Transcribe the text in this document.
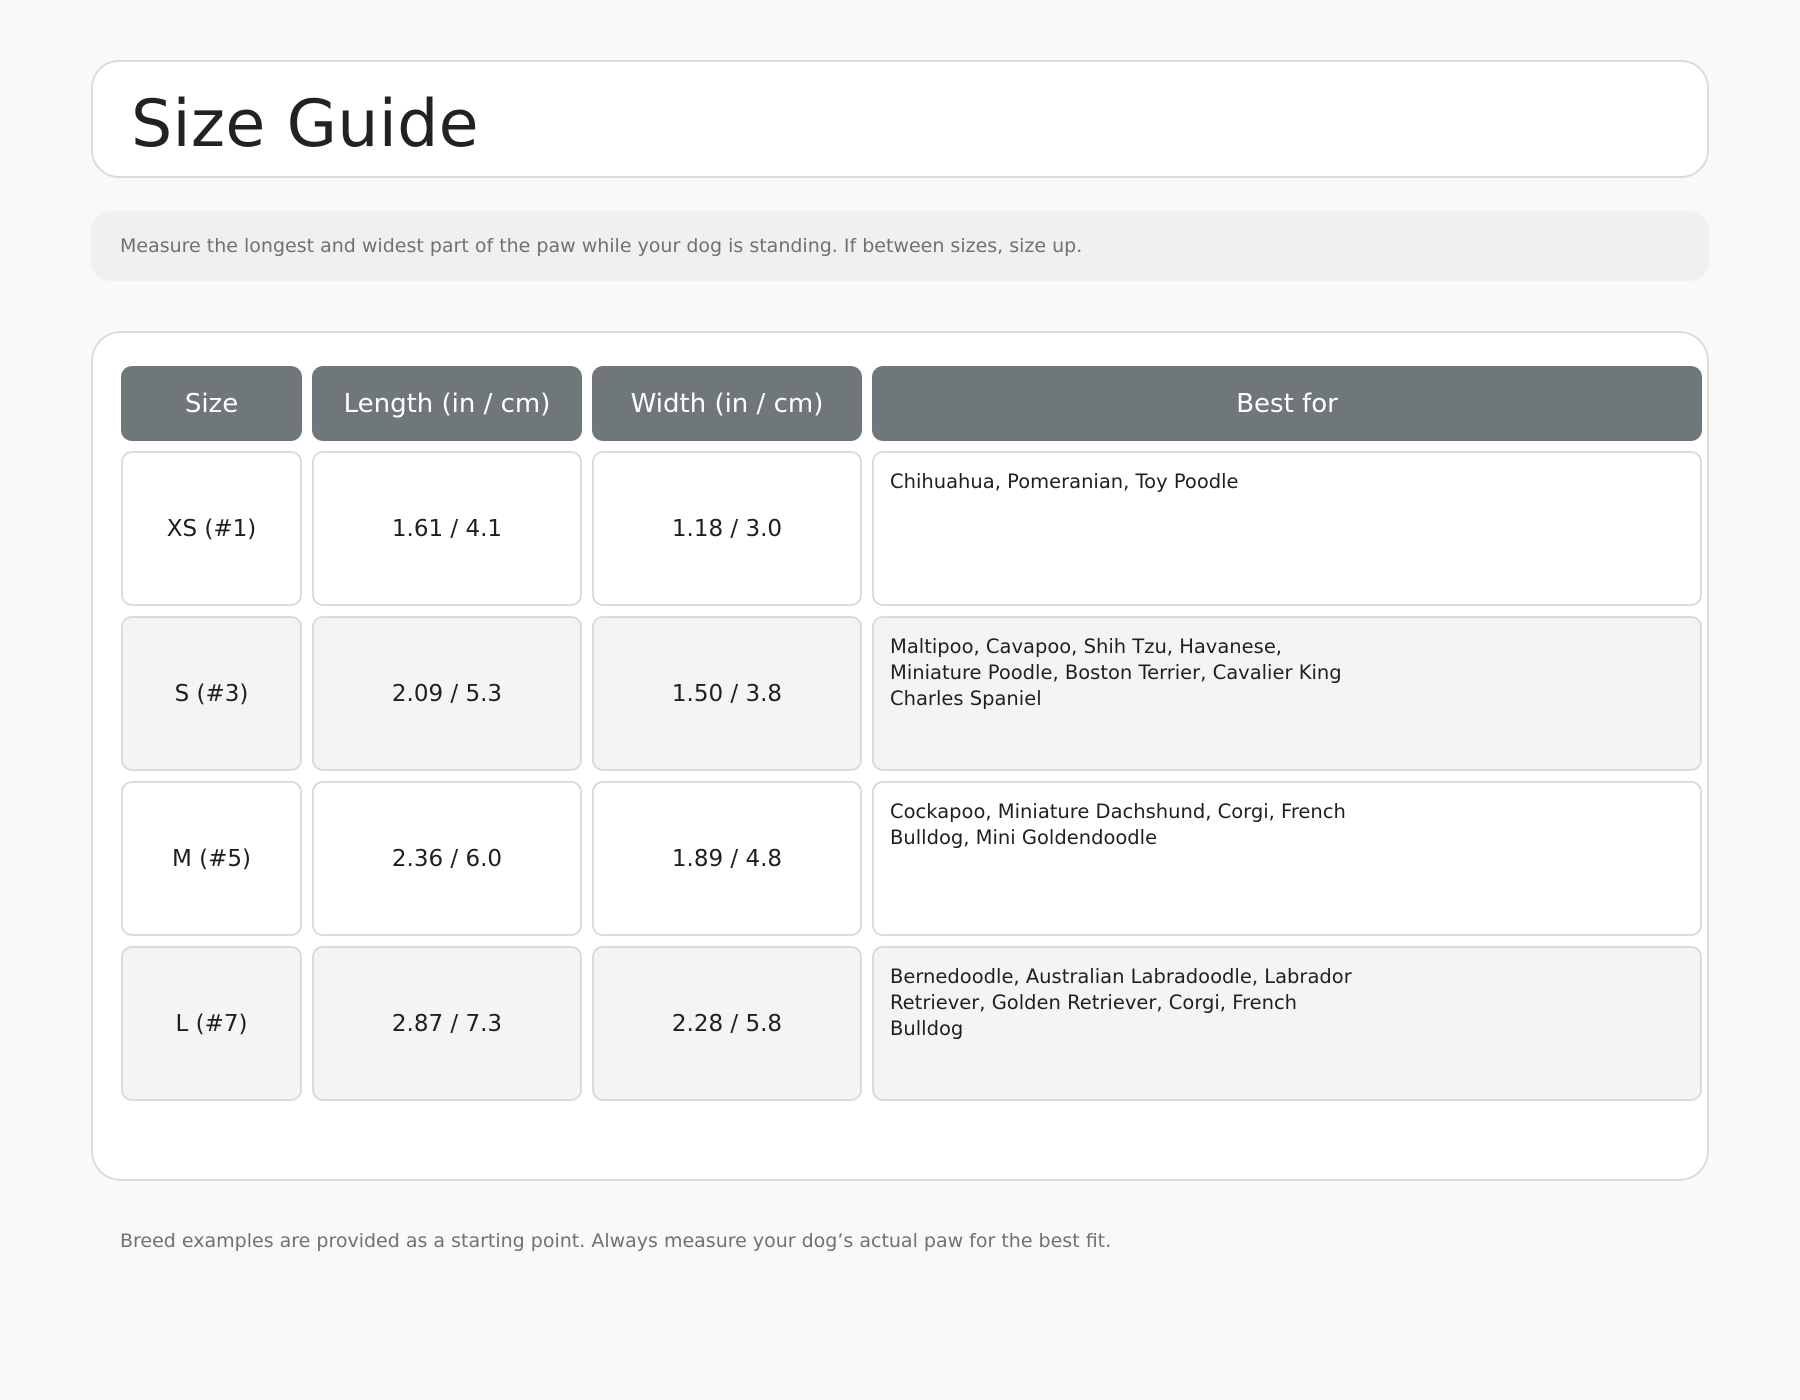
Size Guide
Measure the longest and widest part of the paw while your dog is standing. If between sizes, size up.
Size	Length (in / cm)	Width (in / cm)	Best for
XS (#1)	1.61 / 4.1	1.18 / 3.0
Chihuahua, Pomeranian, Toy Poodle
S (#3)	2.09 / 5.3	1.50 / 3.8
Maltipoo, Cavapoo, Shih Tzu, Havanese, Miniature Poodle, Boston Terrier, Cavalier King Charles Spaniel
M (#5)	2.36 / 6.0	1.89 / 4.8
Cockapoo, Miniature Dachshund, Corgi, French Bulldog, Mini Goldendoodle
L (#7)	2.87 / 7.3	2.28 / 5.8
Bernedoodle, Australian Labradoodle, Labrador Retriever, Golden Retriever, Corgi, French Bulldog
Breed examples are provided as a starting point. Always measure your dog’s actual paw for the best fit.
